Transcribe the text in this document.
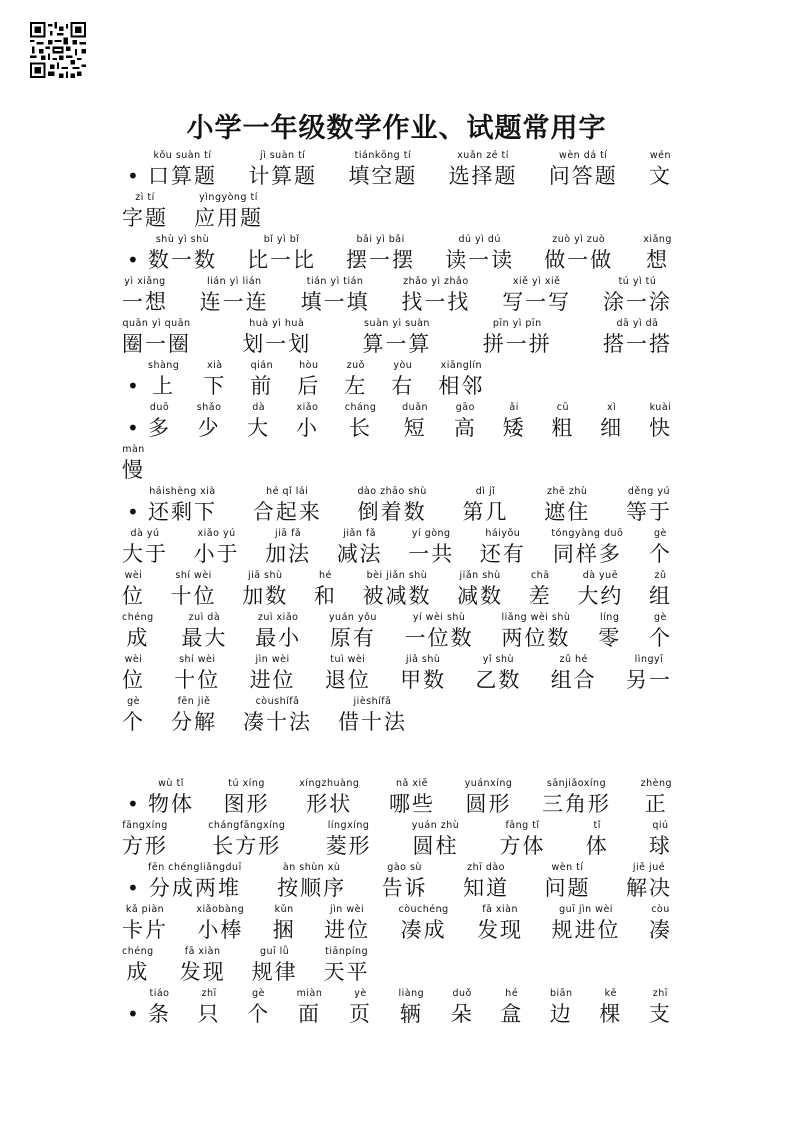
小学一年级数学作业、试题常用字
•
kǒu suàn tí
口算题
jì suàn tí
计算题
tiánkōng tí
填空题
xuǎn zé tí
选择题
wèn dá tí
问答题
wén
文
zì tí
字题
yìngyòng tí
应用题
•
shù yì shù
数一数
bǐ yì bǐ
比一比
bǎi yì bǎi
摆一摆
dú yì dú
读一读
zuò yì zuò
做一做
xiǎng
想
yì xiǎng
一想
lián yì lián
连一连
tián yì tián
填一填
zhǎo yì zhǎo
找一找
xiě yì xiě
写一写
tú yì tú
涂一涂
quān yì quān
圈一圈
huà yì huà
划一划
suàn yì suàn
算一算
pīn yì pīn
拼一拼
dā yì dā
搭一搭
•
shàng
上
xià
下
qián
前
hòu
后
zuǒ
左
yòu
右
xiānglín
相邻
•
duō
多
shǎo
少
dà
大
xiǎo
小
cháng
长
duǎn
短
gāo
高
ǎi
矮
cū
粗
xì
细
kuài
快
màn
慢
•
háishèng xià
还剩下
hé qǐ lái
合起来
dào zhāo shù
倒着数
dì jǐ
第几
zhē zhù
遮住
děng yú
等于
dà yú
大于
xiǎo yú
小于
jiā fǎ
加法
jiǎn fǎ
减法
yí gòng
一共
háiyǒu
还有
tóngyàng duō
同样多
gè
个
wèi
位
shí wèi
十位
jiā shù
加数
hé
和
bèi jiǎn shù
被减数
jiǎn shù
减数
chā
差
dà yuē
大约
zǔ
组
chéng
成
zuì dà
最大
zuì xiǎo
最小
yuán yǒu
原有
yí wèi shù
一位数
liǎng wèi shù
两位数
líng
零
gè
个
wèi
位
shí wèi
十位
jìn wèi
进位
tuì wèi
退位
jiǎ shù
甲数
yǐ shù
乙数
zǔ hé
组合
lìngyī
另一
gè
个
fēn jiě
分解
còushífǎ
凑十法
jièshífǎ
借十法
•
wù tǐ
物体
tú xíng
图形
xíngzhuàng
形状
nǎ xiē
哪些
yuánxíng
圆形
sānjiǎoxíng
三角形
zhèng
正
fāngxíng
方形
chángfāngxíng
长方形
língxíng
菱形
yuán zhù
圆柱
fāng tǐ
方体
tǐ
体
qiú
球
•
fēn chéngliǎngduī
分成两堆
àn shùn xù
按顺序
gào sù
告诉
zhī dào
知道
wèn tí
问题
jiě jué
解决
kǎ piàn
卡片
xiǎobàng
小棒
kǔn
捆
jìn wèi
进位
còuchéng
凑成
fā xiàn
发现
guī jìn wèi
规进位
còu
凑
chéng
成
fā xiàn
发现
guī lǜ
规律
tiānpíng
天平
•
tiáo
条
zhī
只
gè
个
miàn
面
yè
页
liàng
辆
duǒ
朵
hé
盒
biān
边
kē
棵
zhī
支
